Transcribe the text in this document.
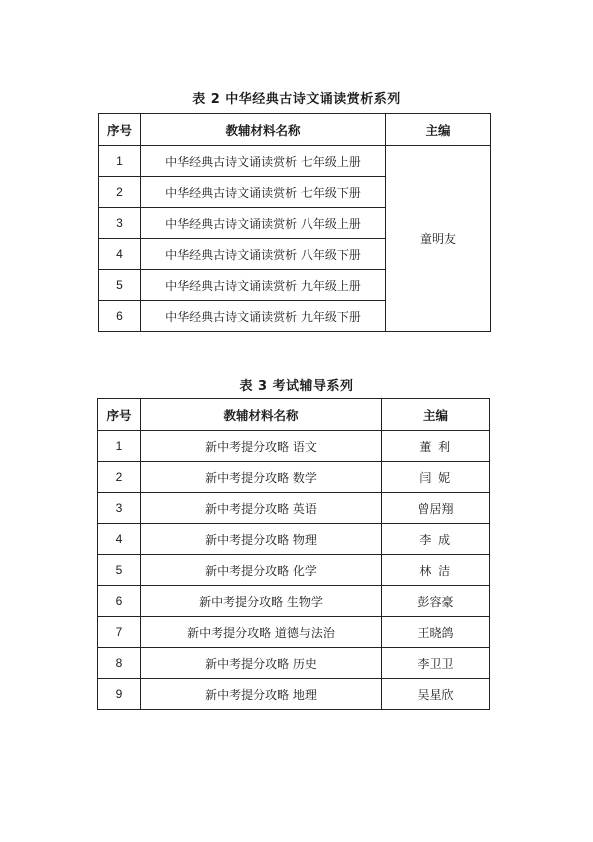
表 2 中华经典古诗文诵读赏析系列
序号	教辅材料名称	主编
1	中华经典古诗文诵读赏析 七年级上册	童明友
2	中华经典古诗文诵读赏析 七年级下册	
3	中华经典古诗文诵读赏析 八年级上册	
4	中华经典古诗文诵读赏析 八年级下册	
5	中华经典古诗文诵读赏析 九年级上册	
6	中华经典古诗文诵读赏析 九年级下册	
表 3 考试辅导系列
序号	教辅材料名称	主编
1	新中考提分攻略 语文	董 利
2	新中考提分攻略 数学	闫 妮
3	新中考提分攻略 英语	曾居翔
4	新中考提分攻略 物理	李 成
5	新中考提分攻略 化学	林 洁
6	新中考提分攻略 生物学	彭容豪
7	新中考提分攻略 道德与法治	王晓鸽
8	新中考提分攻略 历史	李卫卫
9	新中考提分攻略 地理	吴星欣
